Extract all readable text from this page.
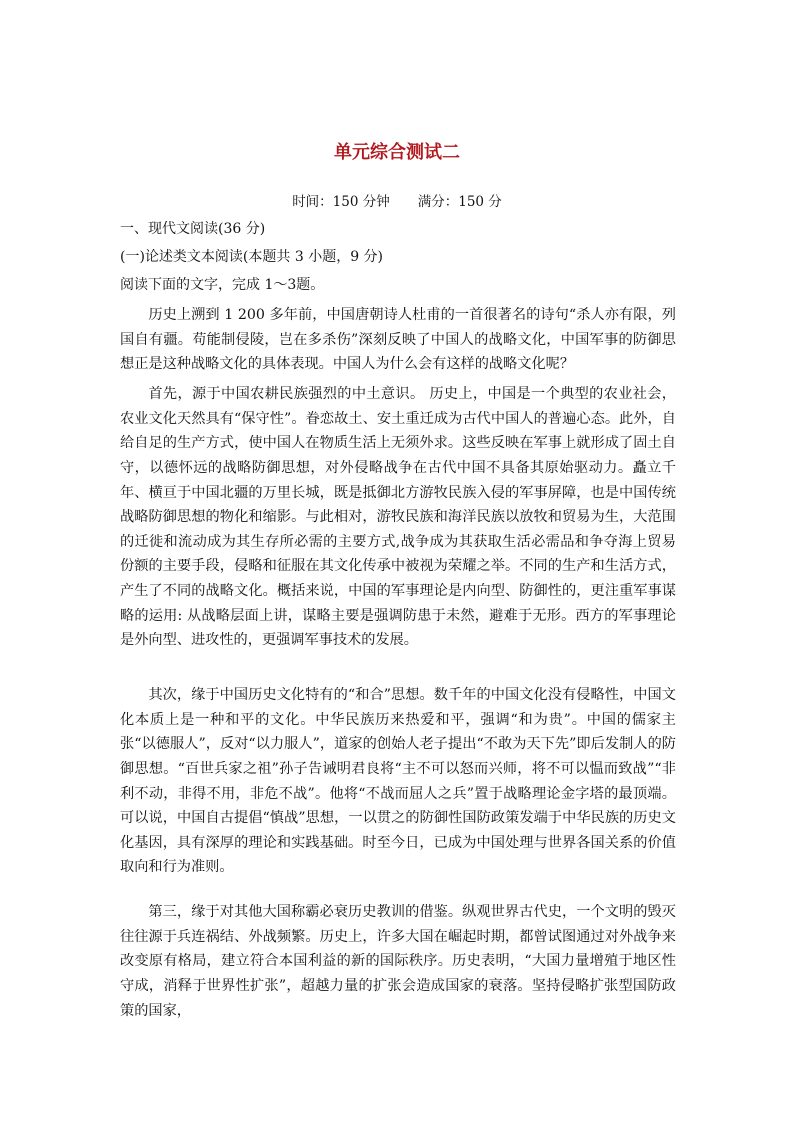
单元综合测试二
时间：150 分钟 满分：150 分
一、现代文阅读(36 分)
(一)论述类文本阅读(本题共 3 小题，9 分)
阅读下面的文字，完成 1～3题。

历史上溯到 1 200 多年前，中国唐朝诗人杜甫的一首很著名的诗句“杀人亦有限，列国自有疆。苟能制侵陵，岂在多杀伤”深刻反映了中国人的战略文化，中国军事的防御思想正是这种战略文化的具体表现。中国人为什么会有这样的战略文化呢？

首先，源于中国农耕民族强烈的中土意识。 历史上，中国是一个典型的农业社会，农业文化天然具有“保守性”。眷恋故土、安土重迁成为古代中国人的普遍心态。此外，自给自足的生产方式，使中国人在物质生活上无须外求。这些反映在军事上就形成了固土自守，以德怀远的战略防御思想，对外侵略战争在古代中国不具备其原始驱动力。矗立千年、横亘于中国北疆的万里长城，既是抵御北方游牧民族入侵的军事屏障，也是中国传统战略防御思想的物化和缩影。与此相对，游牧民族和海洋民族以放牧和贸易为生，大范围的迁徙和流动成为其生存所必需的主要方式,战争成为其获取生活必需品和争夺海上贸易份额的主要手段，侵略和征服在其文化传承中被视为荣耀之举。不同的生产和生活方式，产生了不同的战略文化。概括来说，中国的军事理论是内向型、防御性的，更注重军事谋略的运用: 从战略层面上讲，谋略主要是强调防患于未然，避难于无形。西方的军事理论是外向型、进攻性的，更强调军事技术的发展。

其次，缘于中国历史文化特有的“和合”思想。数千年的中国文化没有侵略性，中国文化本质上是一种和平的文化。中华民族历来热爱和平，强调“和为贵”。中国的儒家主张“以德服人”，反对“以力服人”，道家的创始人老子提出“不敢为天下先”即后发制人的防御思想。“百世兵家之祖”孙子告诫明君良将“主不可以怒而兴师，将不可以愠而致战”“非利不动，非得不用，非危不战”。他将“不战而屈人之兵”置于战略理论金字塔的最顶端。可以说，中国自古提倡“慎战”思想，一以贯之的防御性国防政策发端于中华民族的历史文化基因，具有深厚的理论和实践基础。时至今日，已成为中国处理与世界各国关系的价值取向和行为准则。

第三，缘于对其他大国称霸必衰历史教训的借鉴。纵观世界古代史，一个文明的毁灭往往源于兵连祸结、外战频繁。历史上，许多大国在崛起时期，都曾试图通过对外战争来改变原有格局，建立符合本国利益的新的国际秩序。历史表明，“大国力量增殖于地区性守成，消释于世界性扩张”，超越力量的扩张会造成国家的衰落。坚持侵略扩张型国防政策的国家，
